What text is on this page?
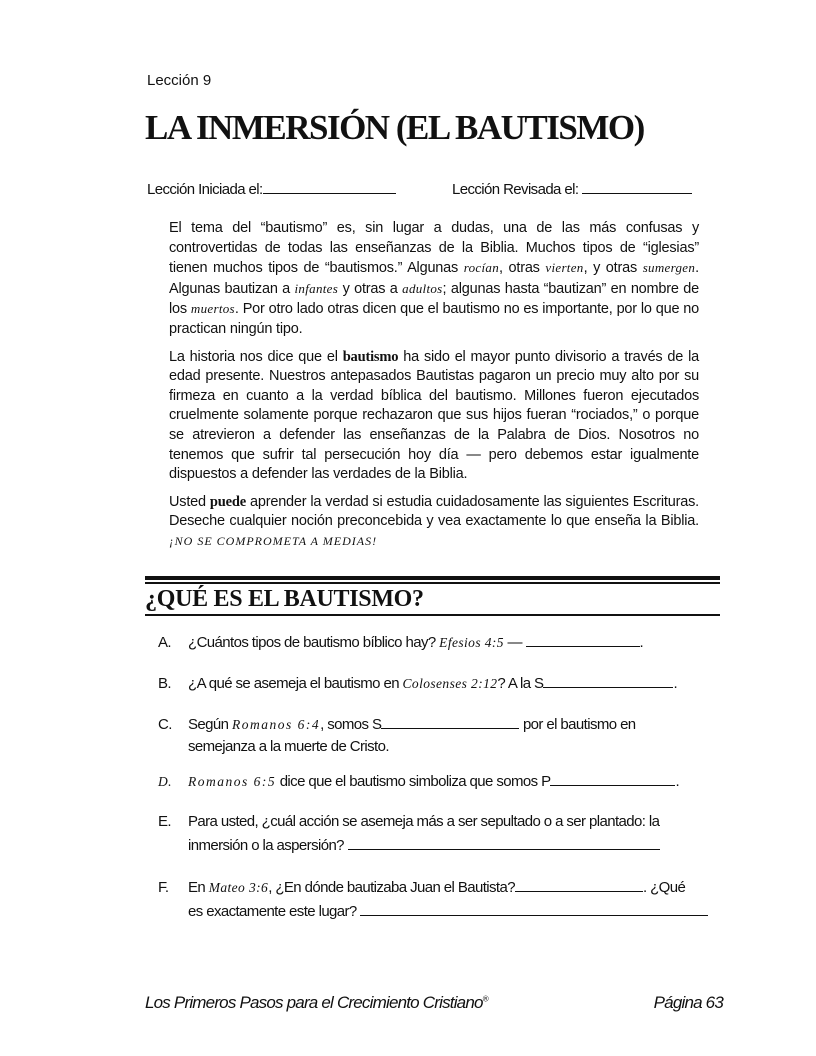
Lección 9
LA INMERSIÓN (EL BAUTISMO)
Lección Iniciada el:	Lección Revisada el:

El tema del “bautismo” es, sin lugar a dudas, una de las más confusas y controvertidas de todas las enseñanzas de la Biblia. Muchos tipos de “iglesias” tienen muchos tipos de “bautismos.” Algunas rocían, otras vierten, y otras sumergen. Algunas bautizan a infantes y otras a adultos; algunas hasta “bautizan” en nombre de los muertos. Por otro lado otras dicen que el bautismo no es importante, por lo que no practican ningún tipo.

La historia nos dice que el bautismo ha sido el mayor punto divisorio a través de la edad presente. Nuestros antepasados Bautistas pagaron un precio muy alto por su firmeza en cuanto a la verdad bíblica del bautismo. Millones fueron ejecutados cruelmente solamente porque rechazaron que sus hijos fueran “rociados,” o porque se atrevieron a defender las enseñanzas de la Palabra de Dios. Nosotros no tenemos que sufrir tal persecución hoy día — pero debemos estar igualmente dispuestos a defender las verdades de la Biblia.

Usted puede aprender la verdad si estudia cuidadosamente las siguientes Escrituras. Deseche cualquier noción preconcebida y vea exactamente lo que enseña la Biblia. ¡NO SE COMPROMETA A MEDIAS!

¿QUÉ ES EL BAUTISMO?
A. ¿Cuántos tipos de bautismo bíblico hay? Efesios 4:5 —	.
B. ¿A qué se asemeja el bautismo en Colosenses 2:12? A la S	.
C. Según Romanos 6:4, somos S	por el bautismo en
semejanza a la muerte de Cristo.
D. Romanos 6:5 dice que el bautismo simboliza que somos P	.
E. Para usted, ¿cuál acción se asemeja más a ser sepultado o a ser plantado: la
inmersión o la aspersión?
F. En Mateo 3:6, ¿En dónde bautizaba Juan el Bautista?	. ¿Qué
es exactamente este lugar?
Los Primeros Pasos para el Crecimiento Cristiano®	Página 63
